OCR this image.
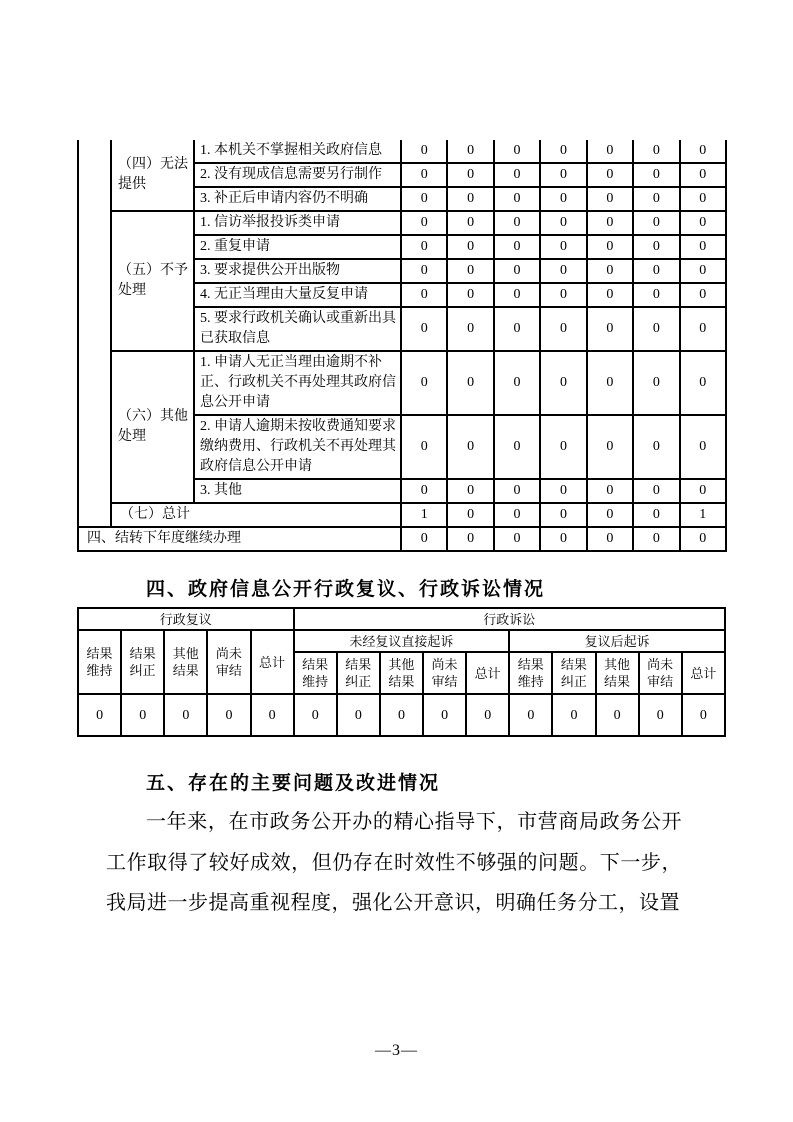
	（四）无法提供	1. 本机关不掌握相关政府信息	0	0	0	0	0	0	0
		2. 没有现成信息需要另行制作	0	0	0	0	0	0	0
		3. 补正后申请内容仍不明确	0	0	0	0	0	0	0
	（五）不予处理	1. 信访举报投诉类申请	0	0	0	0	0	0	0
		2. 重复申请	0	0	0	0	0	0	0
		3. 要求提供公开出版物	0	0	0	0	0	0	0
		4. 无正当理由大量反复申请	0	0	0	0	0	0	0
		5. 要求行政机关确认或重新出具已获取信息	0	0	0	0	0	0	0
	（六）其他处理	1. 申请人无正当理由逾期不补正、行政机关不再处理其政府信息公开申请	0	0	0	0	0	0	0
		2. 申请人逾期未按收费通知要求缴纳费用、行政机关不再处理其政府信息公开申请	0	0	0	0	0	0	0
		3. 其他	0	0	0	0	0	0	0
	（七）总计		1	0	0	0	0	0	1
四、结转下年度继续办理			0	0	0	0	0	0	0
四、政府信息公开行政复议、行政诉讼情况
行政复议					行政诉讼									
结果维持	结果纠正	其他结果	尚未审结	总计	未经复议直接起诉					复议后起诉				
					结果维持	结果纠正	其他结果	尚未审结	总计	结果维持	结果纠正	其他结果	尚未审结	总计
0	0	0	0	0	0	0	0	0	0	0	0	0	0	0
五、存在的主要问题及改进情况

一年来，在市政务公开办的精心指导下，市营商局政务公开工作取得了较好成效，但仍存在时效性不够强的问题。下一步，我局进一步提高重视程度，强化公开意识，明确任务分工，设置

—3—
